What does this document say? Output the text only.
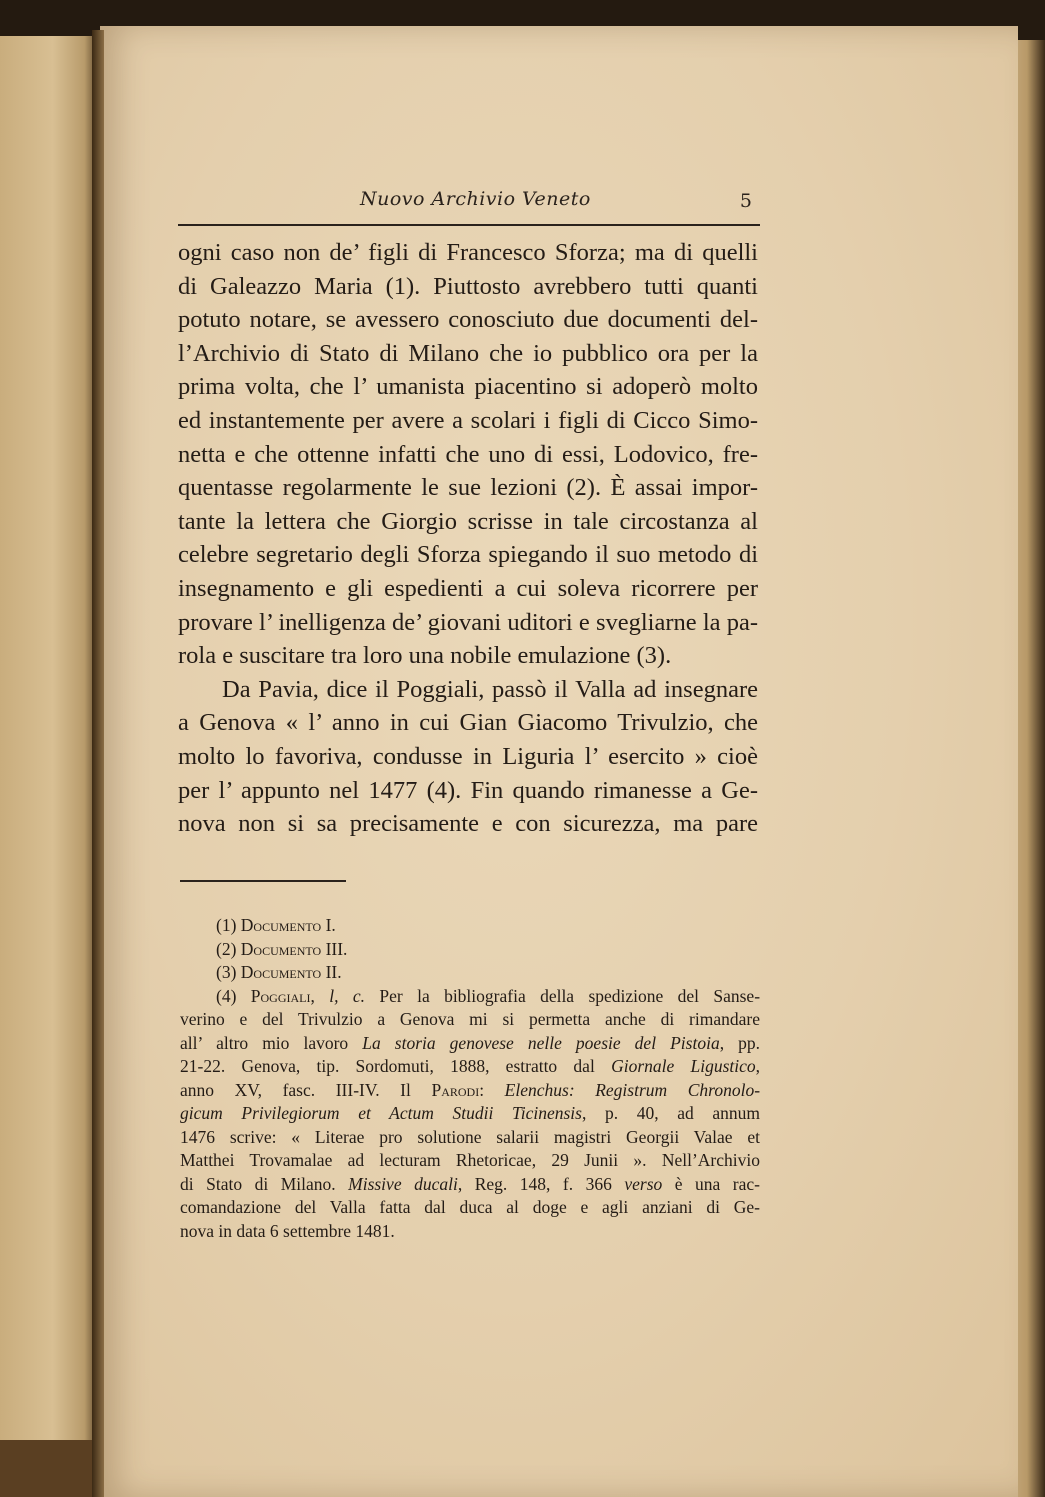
Nuovo Archivio Veneto	5
ogni caso non de’ figli di Francesco Sforza; ma di quelli
di Galeazzo Maria (1). Piuttosto avrebbero tutti quanti
potuto notare, se avessero conosciuto due documenti del-
l’Archivio di Stato di Milano che io pubblico ora per la
prima volta, che l’ umanista piacentino si adoperò molto
ed instantemente per avere a scolari i figli di Cicco Simo-
netta e che ottenne infatti che uno di essi, Lodovico, fre-
quentasse regolarmente le sue lezioni (2). È assai impor-
tante la lettera che Giorgio scrisse in tale circostanza al
celebre segretario degli Sforza spiegando il suo metodo di
insegnamento e gli espedienti a cui soleva ricorrere per
provare l’ inelligenza de’ giovani uditori e svegliarne la pa-
rola e suscitare tra loro una nobile emulazione (3).
Da Pavia, dice il Poggiali, passò il Valla ad insegnare
a Genova « l’ anno in cui Gian Giacomo Trivulzio, che
molto lo favoriva, condusse in Liguria l’ esercito » cioè
per l’ appunto nel 1477 (4). Fin quando rimanesse a Ge-
nova non si sa precisamente e con sicurezza, ma pare
(1) Documento I.
(2) Documento III.
(3) Documento II.
(4) Poggiali, l, c. Per la bibliografia della spedizione del Sanse-
verino e del Trivulzio a Genova mi si permetta anche di rimandare
all’ altro mio lavoro La storia genovese nelle poesie del Pistoia, pp.
21-22. Genova, tip. Sordomuti, 1888, estratto dal Giornale Ligustico,
anno XV, fasc. III-IV. Il Parodi: Elenchus: Registrum Chronolo-
gicum Privilegiorum et Actum Studii Ticinensis, p. 40, ad annum
1476 scrive: « Literae pro solutione salarii magistri Georgii Valae et
Matthei Trovamalae ad lecturam Rhetoricae, 29 Junii ». Nell’Archivio
di Stato di Milano. Missive ducali, Reg. 148, f. 366 verso è una rac-
comandazione del Valla fatta dal duca al doge e agli anziani di Ge-
nova in data 6 settembre 1481.
